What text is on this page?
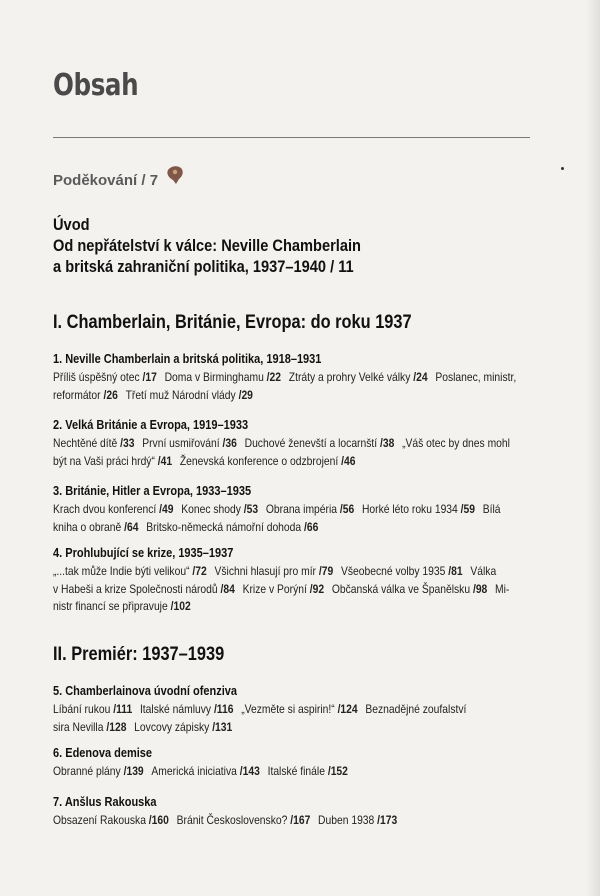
Obsah
Poděkování / 7
Úvod
Od nepřátelství k válce: Neville Chamberlain
a britská zahraniční politika, 1937–1940 / 11
I. Chamberlain, Británie, Evropa: do roku 1937
II. Premiér: 1937–1939
1. Neville Chamberlain a britská politika, 1918–1931
Příliš úspěšný otec /17 Doma v Birminghamu /22 Ztráty a prohry Velké války /24 Poslanec, ministr,
reformátor /26 Třetí muž Národní vlády /29
2. Velká Británie a Evropa, 1919–1933
Nechtěné dítě /33 První usmiřování /36 Duchové ženevští a locarnští /38 „Váš otec by dnes mohl
být na Vaši práci hrdý“ /41 Ženevská konference o odzbrojení /46
3. Británie, Hitler a Evropa, 1933–1935
Krach dvou konferencí /49 Konec shody /53 Obrana impéria /56 Horké léto roku 1934 /59 Bílá
kniha o obraně /64 Britsko-německá námořní dohoda /66
4. Prohlubující se krize, 1935–1937
„...tak může Indie býti velikou“ /72 Všichni hlasují pro mír /79 Všeobecné volby 1935 /81 Válka
v Habeši a krize Společnosti národů /84 Krize v Porýní /92 Občanská válka ve Španělsku /98 Mi-
nistr financí se připravuje /102
5. Chamberlainova úvodní ofenziva
Líbání rukou /111 Italské námluvy /116 „Vezměte si aspirin!“ /124 Beznadějné zoufalství
sira Nevilla /128 Lovcovy zápisky /131
6. Edenova demise
Obranné plány /139 Americká iniciativa /143 Italské finále /152
7. Anšlus Rakouska
Obsazení Rakouska /160 Bránit Československo? /167 Duben 1938 /173
